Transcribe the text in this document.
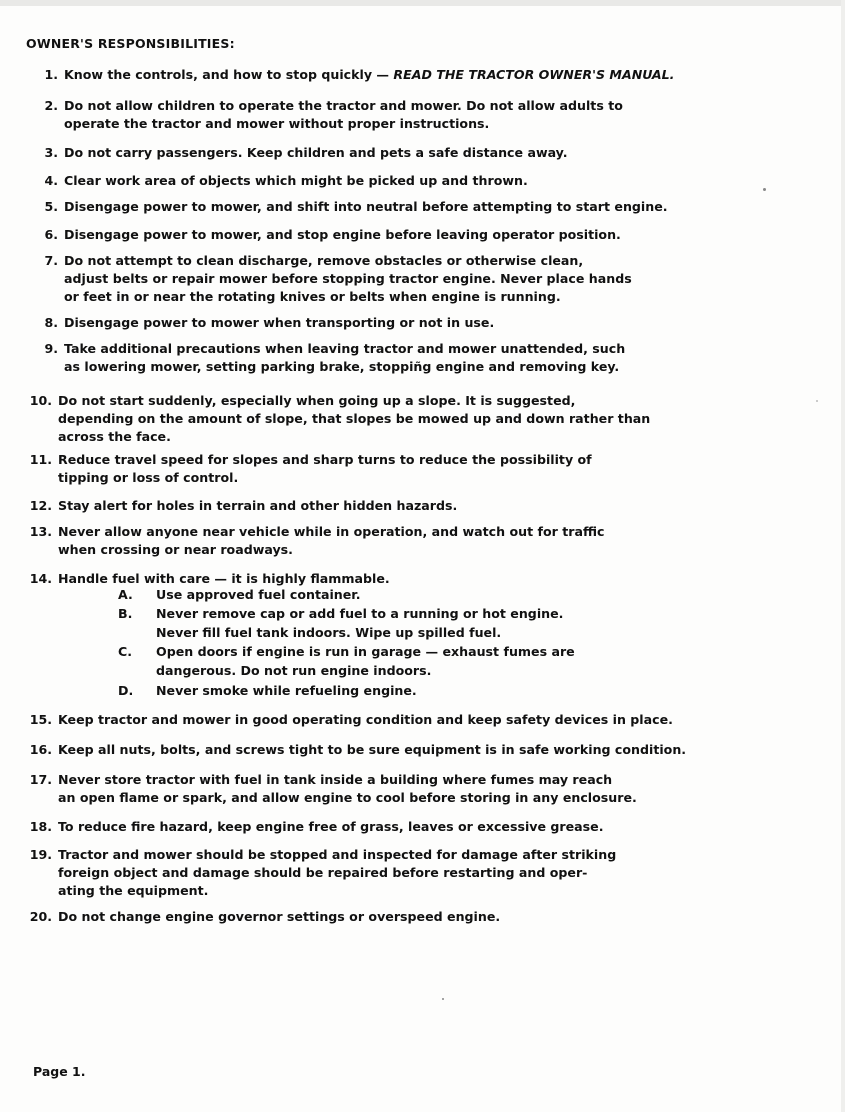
OWNER'S RESPONSIBILITIES:
1. Know the controls, and how to stop quickly — READ THE TRACTOR OWNER'S MANUAL.
2. Do not allow children to operate the tractor and mower. Do not allow adults to
operate the tractor and mower without proper instructions.
3. Do not carry passengers. Keep children and pets a safe distance away.
4. Clear work area of objects which might be picked up and thrown.
5. Disengage power to mower, and shift into neutral before attempting to start engine.
6. Disengage power to mower, and stop engine before leaving operator position.
7. Do not attempt to clean discharge, remove obstacles or otherwise clean,
adjust belts or repair mower before stopping tractor engine. Never place hands
or feet in or near the rotating knives or belts when engine is running.
8. Disengage power to mower when transporting or not in use.
9. Take additional precautions when leaving tractor and mower unattended, such
as lowering mower, setting parking brake, stoppiñg engine and removing key.
10. Do not start suddenly, especially when going up a slope. It is suggested,
depending on the amount of slope, that slopes be mowed up and down rather than
across the face.
11. Reduce travel speed for slopes and sharp turns to reduce the possibility of
tipping or loss of control.
12. Stay alert for holes in terrain and other hidden hazards.
13. Never allow anyone near vehicle while in operation, and watch out for traffic
when crossing or near roadways.
14. Handle fuel with care — it is highly flammable.
15. Keep tractor and mower in good operating condition and keep safety devices in place.
16. Keep all nuts, bolts, and screws tight to be sure equipment is in safe working condition.
17. Never store tractor with fuel in tank inside a building where fumes may reach
an open flame or spark, and allow engine to cool before storing in any enclosure.
18. To reduce fire hazard, keep engine free of grass, leaves or excessive grease.
19. Tractor and mower should be stopped and inspected for damage after striking
foreign object and damage should be repaired before restarting and oper-
ating the equipment.
20. Do not change engine governor settings or overspeed engine.
A.	Use approved fuel container.
B.	Never remove cap or add fuel to a running or hot engine.
Never fill fuel tank indoors. Wipe up spilled fuel.
C.	Open doors if engine is run in garage — exhaust fumes are
dangerous. Do not run engine indoors.
D.	Never smoke while refueling engine.
Page 1.
